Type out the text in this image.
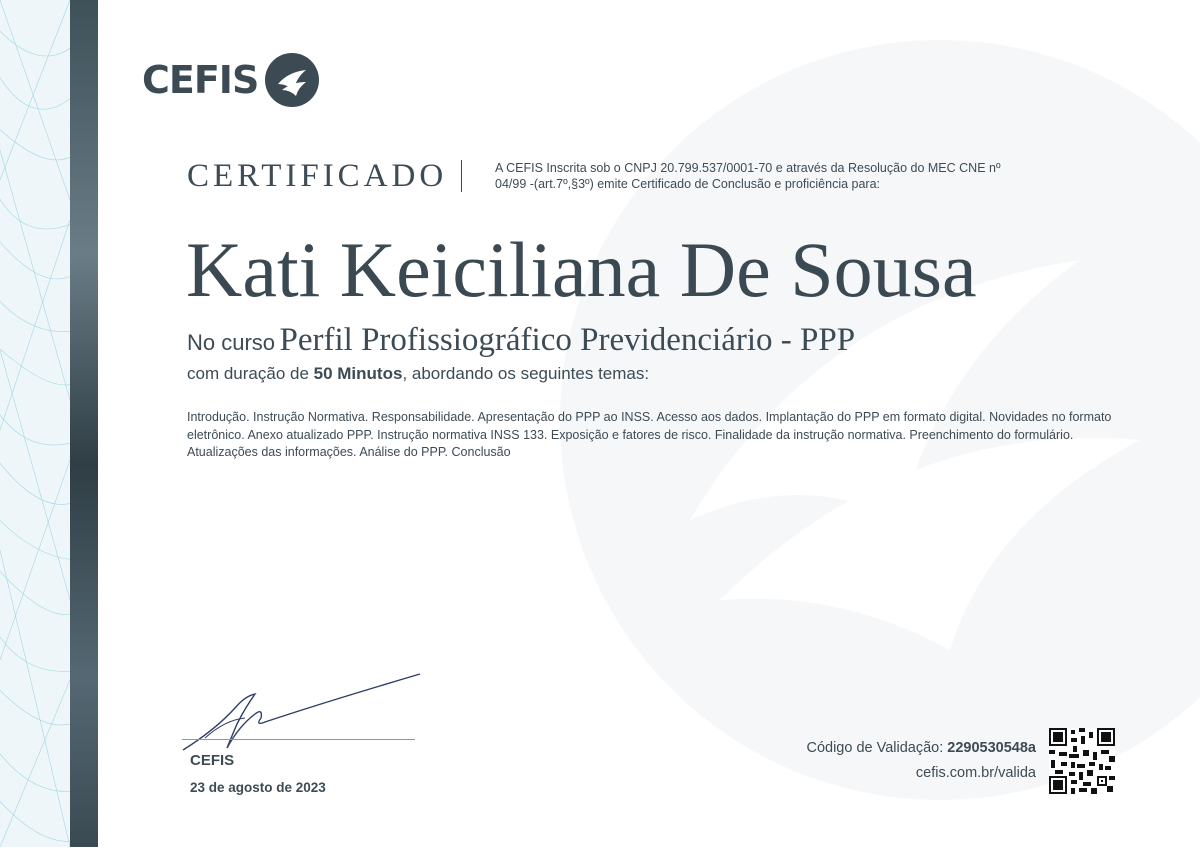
CEFIS
CERTIFICADO	A CEFIS Inscrita sob o CNPJ 20.799.537/0001-70 e através da Resolução do MEC CNE nº 04/99 -(art.7º,§3º) emite Certificado de Conclusão e proficiência para:
Kati Keiciliana De Sousa
No curso Perfil Profissiográfico Previdenciário - PPP
com duração de 50 Minutos, abordando os seguintes temas:
Introdução. Instrução Normativa. Responsabilidade. Apresentação do PPP ao INSS. Acesso aos dados. Implantação do PPP em formato digital. Novidades no formato eletrônico. Anexo atualizado PPP. Instrução normativa INSS 133. Exposição e fatores de risco. Finalidade da instrução normativa. Preenchimento do formulário. Atualizações das informações. Análise do PPP. Conclusão
CEFIS
23 de agosto de 2023
Código de Validação: 2290530548a
cefis.com.br/valida
